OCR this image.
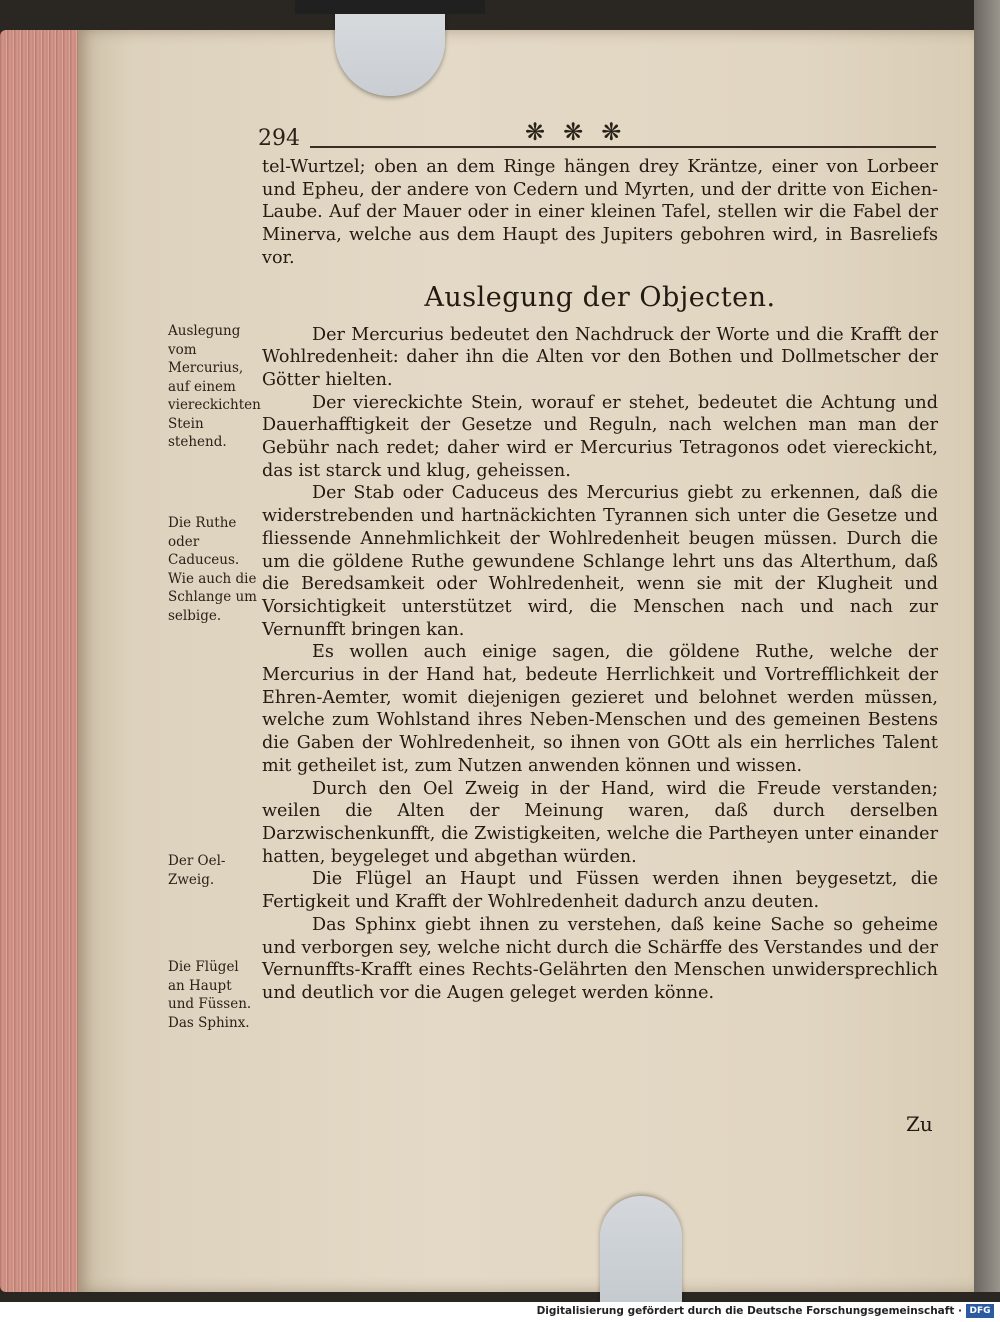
294	❋❋❋

tel-Wurtzel; oben an dem Ringe hängen drey Kräntze, einer von Lorbeer und Epheu, der andere von Cedern und Myrten, und der dritte von Eichen-Laube. Auf der Mauer oder in einer kleinen Tafel, stellen wir die Fabel der Minerva, welche aus dem Haupt des Jupiters gebohren wird, in Basreliefs vor.

Auslegung der Objecten.

Der Mercurius bedeutet den Nachdruck der Worte und die Krafft der Wohlredenheit: daher ihn die Alten vor den Bothen und Dollmetscher der Götter hielten.

Der viereckichte Stein, worauf er stehet, bedeutet die Achtung und Dauerhafftigkeit der Gesetze und Reguln, nach welchen man man der Gebühr nach redet; daher wird er Mercurius Tetragonos odet viereckicht, das ist starck und klug, geheissen.

Der Stab oder Caduceus des Mercurius giebt zu erkennen, daß die widerstrebenden und hartnäckichten Tyrannen sich unter die Gesetze und fliessende Annehmlichkeit der Wohlredenheit beugen müssen. Durch die um die göldene Ruthe gewundene Schlange lehrt uns das Alterthum, daß die Beredsamkeit oder Wohlredenheit, wenn sie mit der Klugheit und Vorsichtigkeit unterstützet wird, die Menschen nach und nach zur Vernunfft bringen kan.

Es wollen auch einige sagen, die göldene Ruthe, welche der Mercurius in der Hand hat, bedeute Herrlichkeit und Vortrefflichkeit der Ehren-Aemter, womit diejenigen gezieret und belohnet werden müssen, welche zum Wohlstand ihres Neben-Menschen und des gemeinen Bestens die Gaben der Wohlredenheit, so ihnen von GOtt als ein herrliches Talent mit getheilet ist, zum Nutzen anwenden können und wissen.

Durch den Oel Zweig in der Hand, wird die Freude verstanden; weilen die Alten der Meinung waren, daß durch derselben Darzwischenkunfft, die Zwistigkeiten, welche die Partheyen unter einander hatten, beygeleget und abgethan würden.

Die Flügel an Haupt und Füssen werden ihnen beygesetzt, die Fertigkeit und Krafft der Wohlredenheit dadurch anzu deuten.

Das Sphinx giebt ihnen zu verstehen, daß keine Sache so geheime und verborgen sey, welche nicht durch die Schärffe des Verstandes und der Vernunffts-Krafft eines Rechts-Gelährten den Menschen unwidersprechlich und deutlich vor die Augen geleget werden könne.

Auslegung vom Mercurius, auf einem viereckichten Stein stehend.
Die Ruthe oder Caduceus. Wie auch die Schlange um selbige.
Der Oel-Zweig.
Die Flügel an Haupt und Füssen. Das Sphinx.
Zu
Digitalisierung gefördert durch die Deutsche Forschungsgemeinschaft · DFG
